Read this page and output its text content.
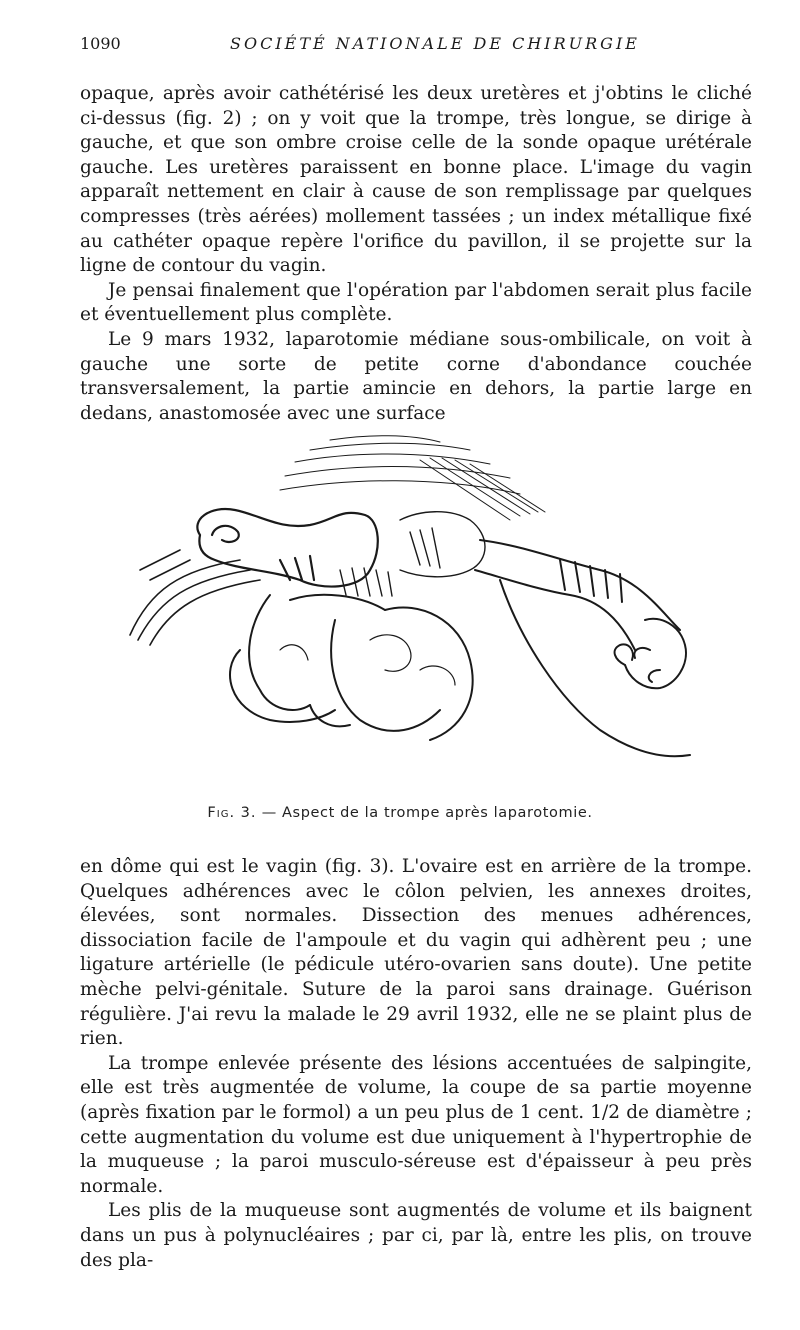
1090	SOCIÉTÉ NATIONALE DE CHIRURGIE

opaque, après avoir cathétérisé les deux uretères et j'obtins le cliché ci-dessus (fig. 2) ; on y voit que la trompe, très longue, se dirige à gauche, et que son ombre croise celle de la sonde opaque urétérale gauche. Les uretères paraissent en bonne place. L'image du vagin apparaît nettement en clair à cause de son remplissage par quelques compresses (très aérées) mollement tassées ; un index métallique fixé au cathéter opaque repère l'orifice du pavillon, il se projette sur la ligne de contour du vagin.

Je pensai finalement que l'opération par l'abdomen serait plus facile et éventuellement plus complète.

Le 9 mars 1932, laparotomie médiane sous-ombilicale, on voit à gauche une sorte de petite corne d'abondance couchée transversalement, la partie amincie en dehors, la partie large en dedans, anastomosée avec une surface

Fig. 3. — Aspect de la trompe après laparotomie.

en dôme qui est le vagin (fig. 3). L'ovaire est en arrière de la trompe. Quelques adhérences avec le côlon pelvien, les annexes droites, élevées, sont normales. Dissection des menues adhérences, dissociation facile de l'ampoule et du vagin qui adhèrent peu ; une ligature artérielle (le pédicule utéro-ovarien sans doute). Une petite mèche pelvi-génitale. Suture de la paroi sans drainage. Guérison régulière. J'ai revu la malade le 29 avril 1932, elle ne se plaint plus de rien.

La trompe enlevée présente des lésions accentuées de salpingite, elle est très augmentée de volume, la coupe de sa partie moyenne (après fixation par le formol) a un peu plus de 1 cent. 1/2 de diamètre ; cette augmentation du volume est due uniquement à l'hypertrophie de la muqueuse ; la paroi musculo-séreuse est d'épaisseur à peu près normale.

Les plis de la muqueuse sont augmentés de volume et ils baignent dans un pus à polynucléaires ; par ci, par là, entre les plis, on trouve des pla-
